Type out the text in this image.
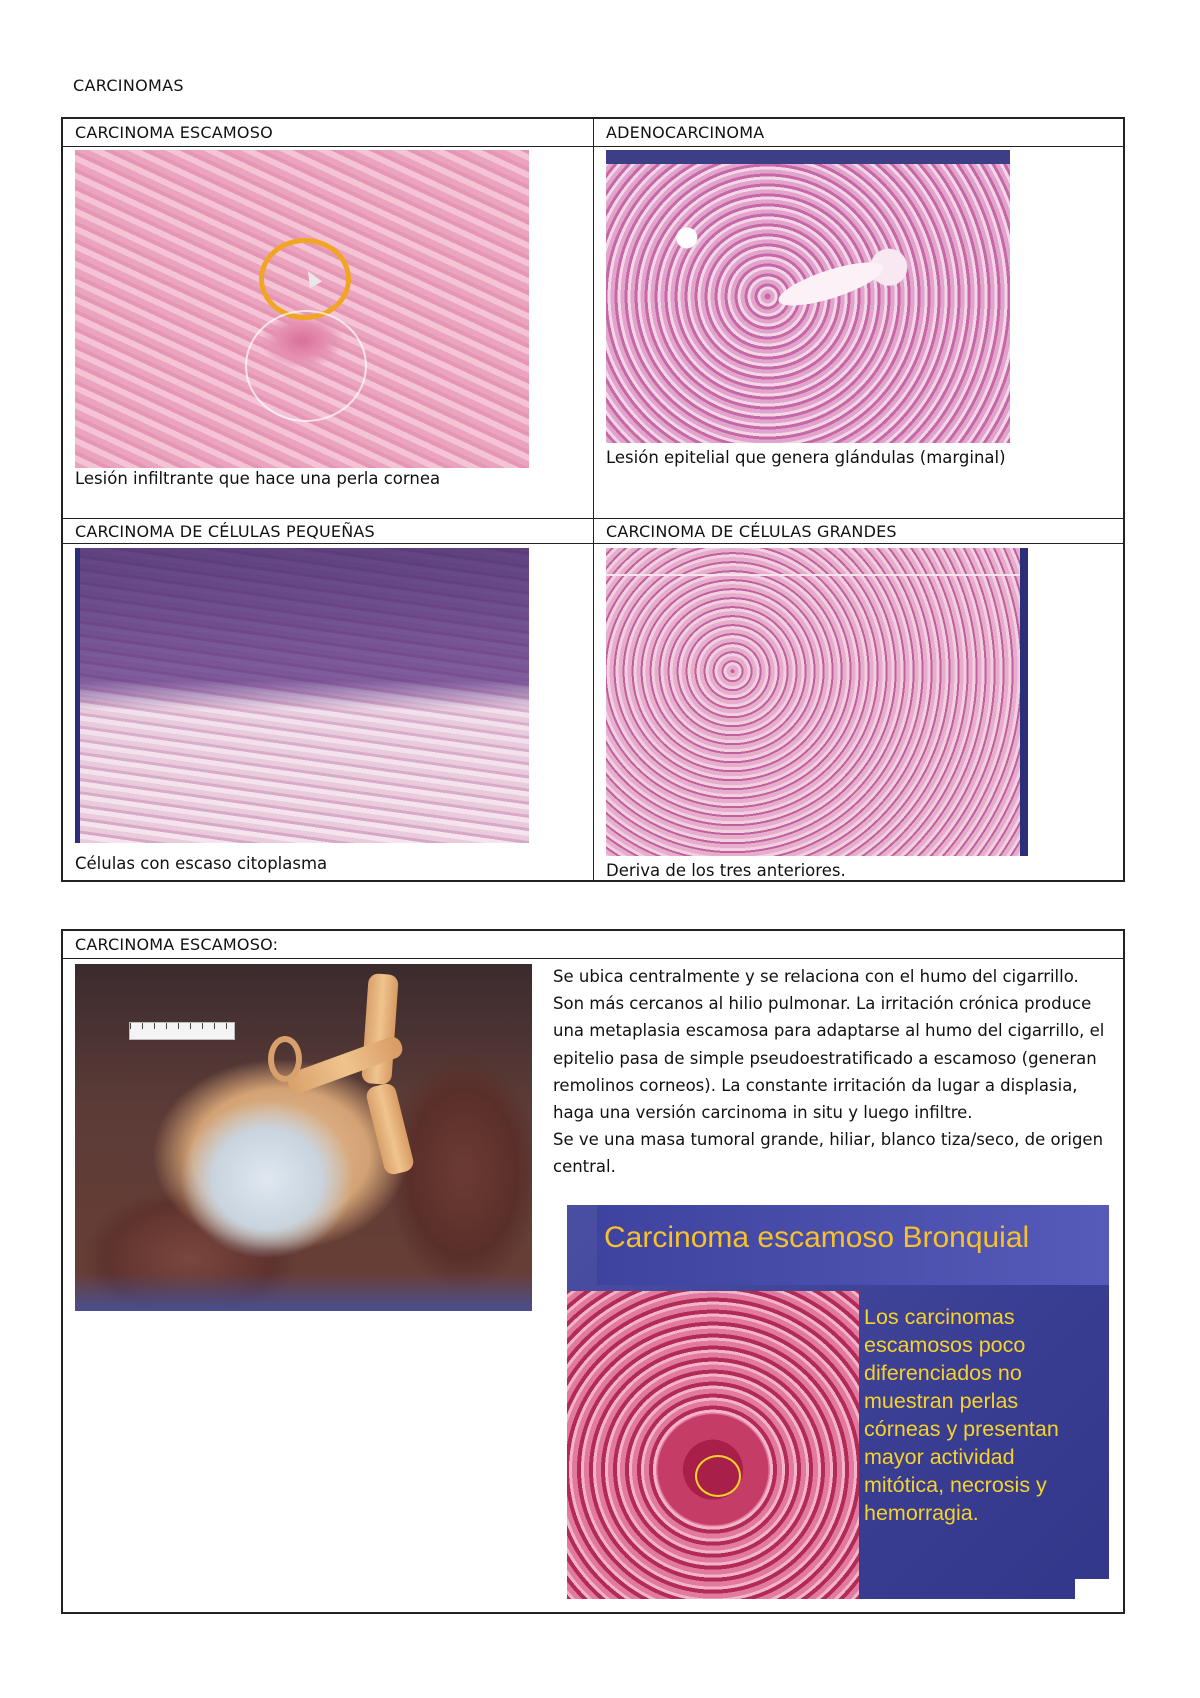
CARCINOMAS
CARCINOMA ESCAMOSO
Lesión infiltrante que hace una perla cornea
ADENOCARCINOMA
Lesión epitelial que genera glándulas (marginal)
CARCINOMA DE CÉLULAS PEQUEÑAS
Células con escaso citoplasma
CARCINOMA DE CÉLULAS GRANDES
Deriva de los tres anteriores.
CARCINOMA ESCAMOSO:

Se ubica centralmente y se relaciona con el humo del cigarrillo. Son más cercanos al hilio pulmonar. La irritación crónica produce una metaplasia escamosa para adaptarse al humo del cigarrillo, el epitelio pasa de simple pseudoestratificado a escamoso (generan remolinos corneos). La constante irritación da lugar a displasia, haga una versión carcinoma in situ y luego infiltre.

Se ve una masa tumoral grande, hiliar, blanco tiza/seco, de origen central.

Carcinoma escamoso Bronquial
Los carcinomas
escamosos poco
diferenciados no
muestran perlas
córneas y presentan
mayor actividad
mitótica, necrosis y
hemorragia.
